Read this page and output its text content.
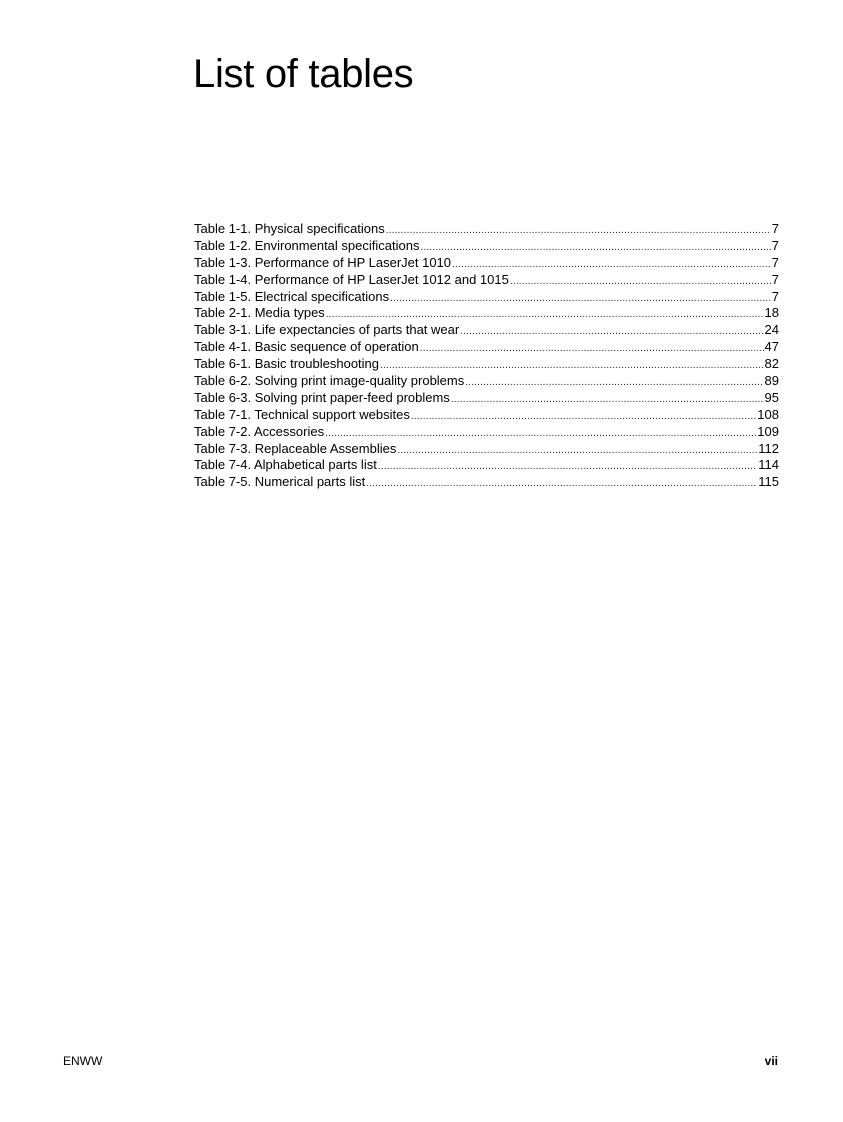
List of tables
Table 1-1. Physical specifications .....	7
Table 1-2. Environmental specifications .....	7
Table 1-3. Performance of HP LaserJet 1010 .....	7
Table 1-4. Performance of HP LaserJet 1012 and 1015 .....	7
Table 1-5. Electrical specifications .....	7
Table 2-1. Media types .....	18
Table 3-1. Life expectancies of parts that wear .....	24
Table 4-1. Basic sequence of operation .....	47
Table 6-1. Basic troubleshooting .....	82
Table 6-2. Solving print image-quality problems .....	89
Table 6-3. Solving print paper-feed problems .....	95
Table 7-1. Technical support websites .....	108
Table 7-2. Accessories .....	109
Table 7-3. Replaceable Assemblies .....	112
Table 7-4. Alphabetical parts list .....	114
Table 7-5. Numerical parts list .....	115
ENWW	vii
